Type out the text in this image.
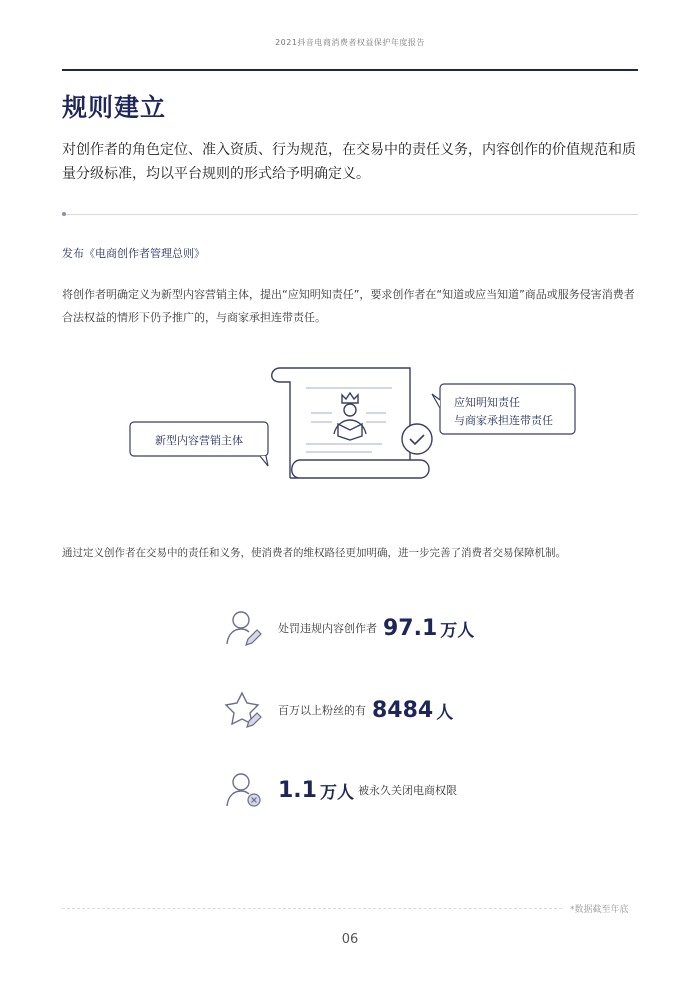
2021抖音电商消费者权益保护年度报告
规则建立
对创作者的角色定位、准入资质、行为规范，在交易中的责任义务，内容创作的价值规范和质量分级标准，均以平台规则的形式给予明确定义。
发布《电商创作者管理总则》
将创作者明确定义为新型内容营销主体，提出“应知明知责任”，要求创作者在“知道或应当知道”商品或服务侵害消费者合法权益的情形下仍予推广的，与商家承担连带责任。
新型内容营销主体
应知明知责任
与商家承担连带责任
通过定义创作者在交易中的责任和义务，使消费者的维权路径更加明确，进一步完善了消费者交易保障机制。
处罚违规内容创作者 97.1 万人
百万以上粉丝的有 8484 人
1.1 万人 被永久关闭电商权限
*数据截至年底
06
